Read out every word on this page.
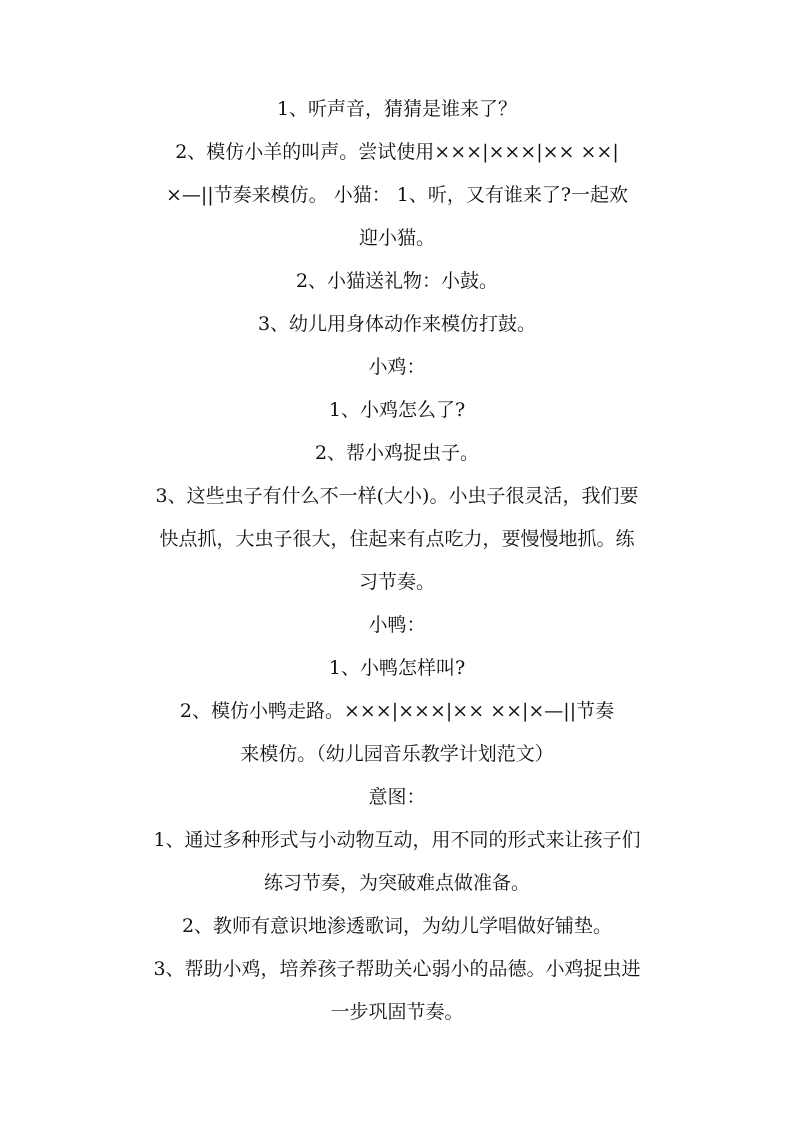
1、听声音，猜猜是谁来了？

2、模仿小羊的叫声。尝试使用×××|×××|×× ××|

×—||节奏来模仿。 小猫： 1、听，又有谁来了?一起欢

迎小猫。

2、小猫送礼物：小鼓。

3、幼儿用身体动作来模仿打鼓。

小鸡：

1、小鸡怎么了?

2、帮小鸡捉虫子。

3、这些虫子有什么不一样(大小)。小虫子很灵活，我们要

快点抓，大虫子很大，住起来有点吃力，要慢慢地抓。练

习节奏。

小鸭：

1、小鸭怎样叫?

2、模仿小鸭走路。×××|×××|×× ××|×—||节奏

来模仿。（幼儿园音乐教学计划范文）

意图：

1、通过多种形式与小动物互动，用不同的形式来让孩子们

练习节奏，为突破难点做准备。

2、教师有意识地渗透歌词，为幼儿学唱做好铺垫。

3、帮助小鸡，培养孩子帮助关心弱小的品德。小鸡捉虫进

一步巩固节奏。
